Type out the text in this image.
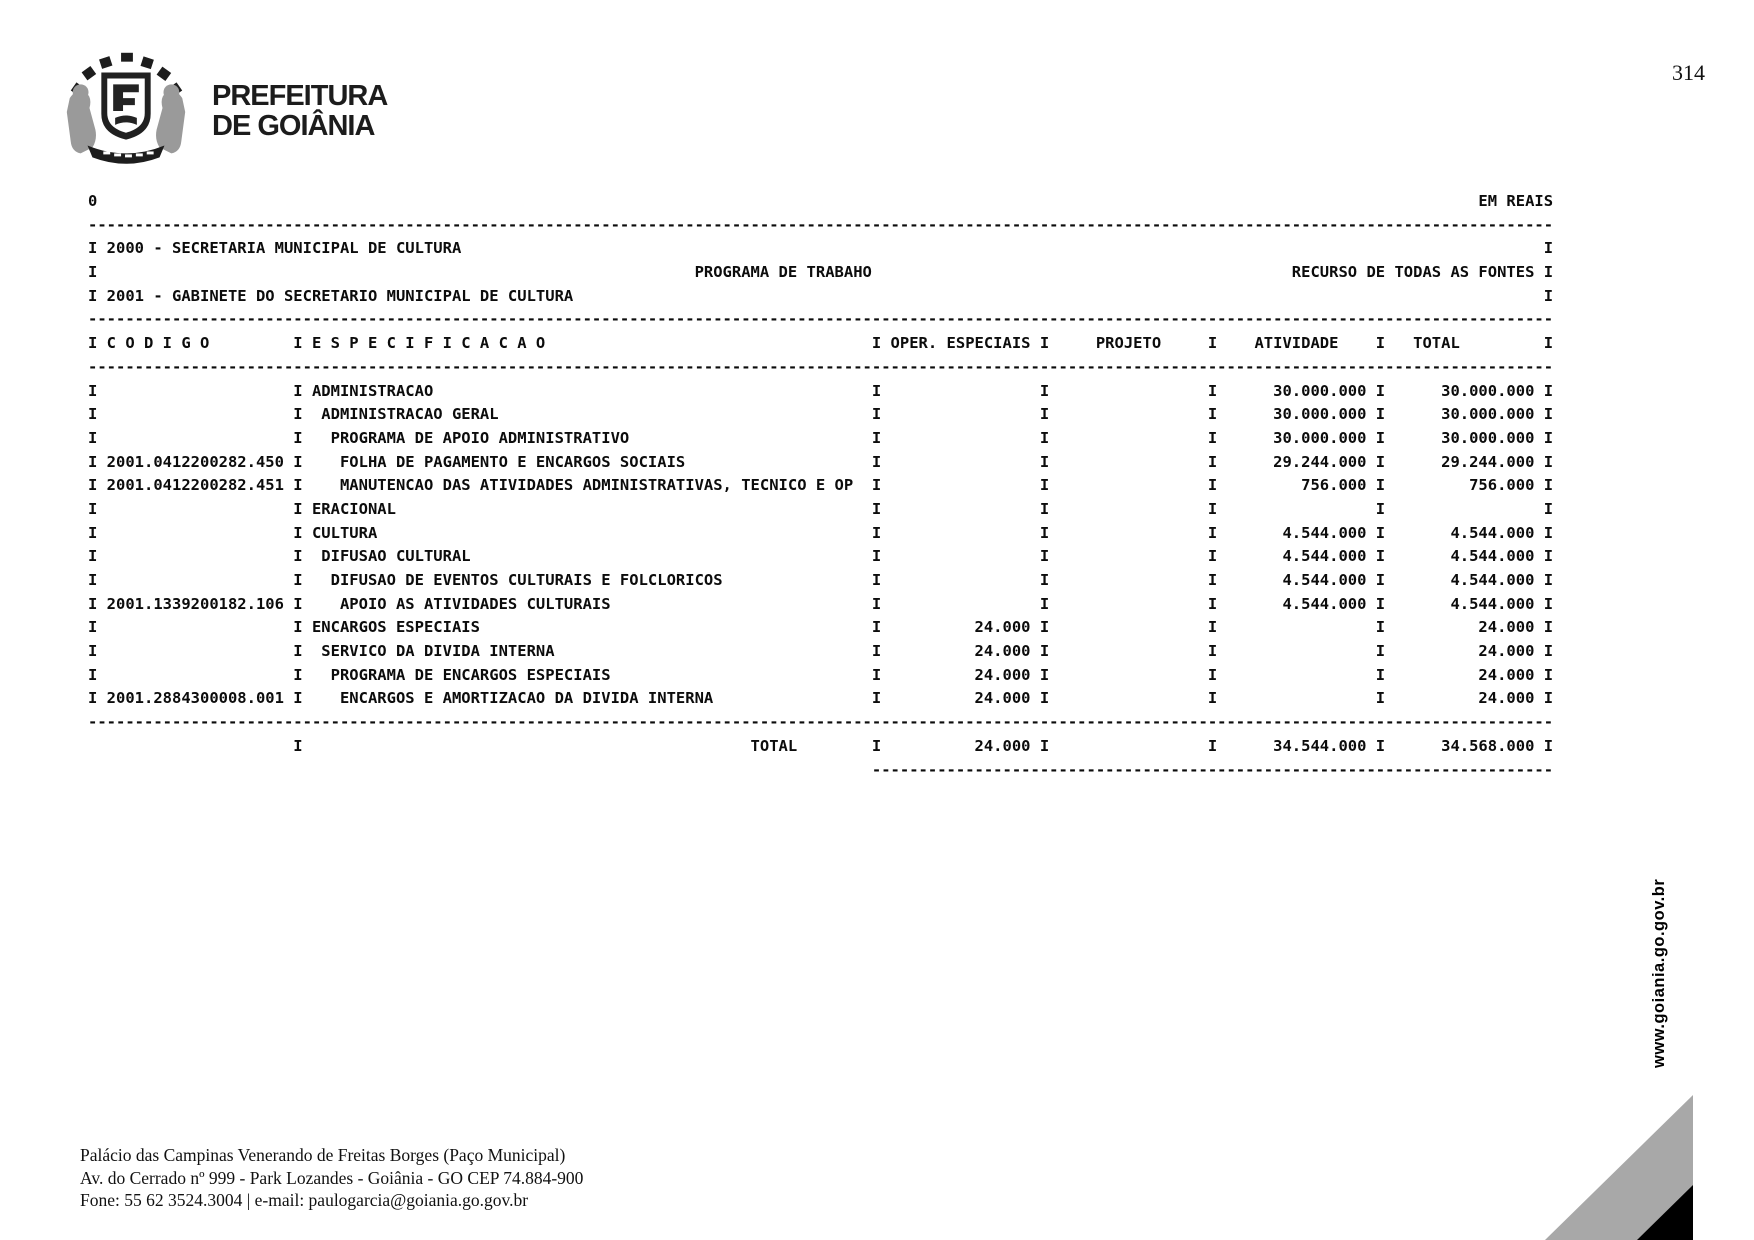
PREFEITURA
DE GOIÂNIA
314
0                                                                                                                                                    EM REAIS
-------------------------------------------------------------------------------------------------------------------------------------------------------------
I 2000 - SECRETARIA MUNICIPAL DE CULTURA                                                                                                                    I
I                                                                PROGRAMA DE TRABAHO                                             RECURSO DE TODAS AS FONTES I
I 2001 - GABINETE DO SECRETARIO MUNICIPAL DE CULTURA                                                                                                        I
-------------------------------------------------------------------------------------------------------------------------------------------------------------
I C O D I G O         I E S P E C I F I C A C A O                                   I OPER. ESPECIAIS I     PROJETO     I    ATIVIDADE    I   TOTAL         I
-------------------------------------------------------------------------------------------------------------------------------------------------------------
I                     I ADMINISTRACAO                                               I                 I                 I      30.000.000 I      30.000.000 I
I                     I  ADMINISTRACAO GERAL                                        I                 I                 I      30.000.000 I      30.000.000 I
I                     I   PROGRAMA DE APOIO ADMINISTRATIVO                          I                 I                 I      30.000.000 I      30.000.000 I
I 2001.0412200282.450 I    FOLHA DE PAGAMENTO E ENCARGOS SOCIAIS                    I                 I                 I      29.244.000 I      29.244.000 I
I 2001.0412200282.451 I    MANUTENCAO DAS ATIVIDADES ADMINISTRATIVAS, TECNICO E OP  I                 I                 I         756.000 I         756.000 I
I                     I ERACIONAL                                                   I                 I                 I                 I                 I
I                     I CULTURA                                                     I                 I                 I       4.544.000 I       4.544.000 I
I                     I  DIFUSAO CULTURAL                                           I                 I                 I       4.544.000 I       4.544.000 I
I                     I   DIFUSAO DE EVENTOS CULTURAIS E FOLCLORICOS                I                 I                 I       4.544.000 I       4.544.000 I
I 2001.1339200182.106 I    APOIO AS ATIVIDADES CULTURAIS                            I                 I                 I       4.544.000 I       4.544.000 I
I                     I ENCARGOS ESPECIAIS                                          I          24.000 I                 I                 I          24.000 I
I                     I  SERVICO DA DIVIDA INTERNA                                  I          24.000 I                 I                 I          24.000 I
I                     I   PROGRAMA DE ENCARGOS ESPECIAIS                            I          24.000 I                 I                 I          24.000 I
I 2001.2884300008.001 I    ENCARGOS E AMORTIZACAO DA DIVIDA INTERNA                 I          24.000 I                 I                 I          24.000 I
-------------------------------------------------------------------------------------------------------------------------------------------------------------
I                                                TOTAL        I          24.000 I                 I      34.544.000 I      34.568.000 I
-------------------------------------------------------------------------
Palácio das Campinas Venerando de Freitas Borges (Paço Municipal)
Av. do Cerrado nº 999 - Park Lozandes - Goiânia - GO CEP 74.884-900
Fone: 55 62 3524.3004 | e-mail: paulogarcia@goiania.go.gov.br
www.goiania.go.gov.br
